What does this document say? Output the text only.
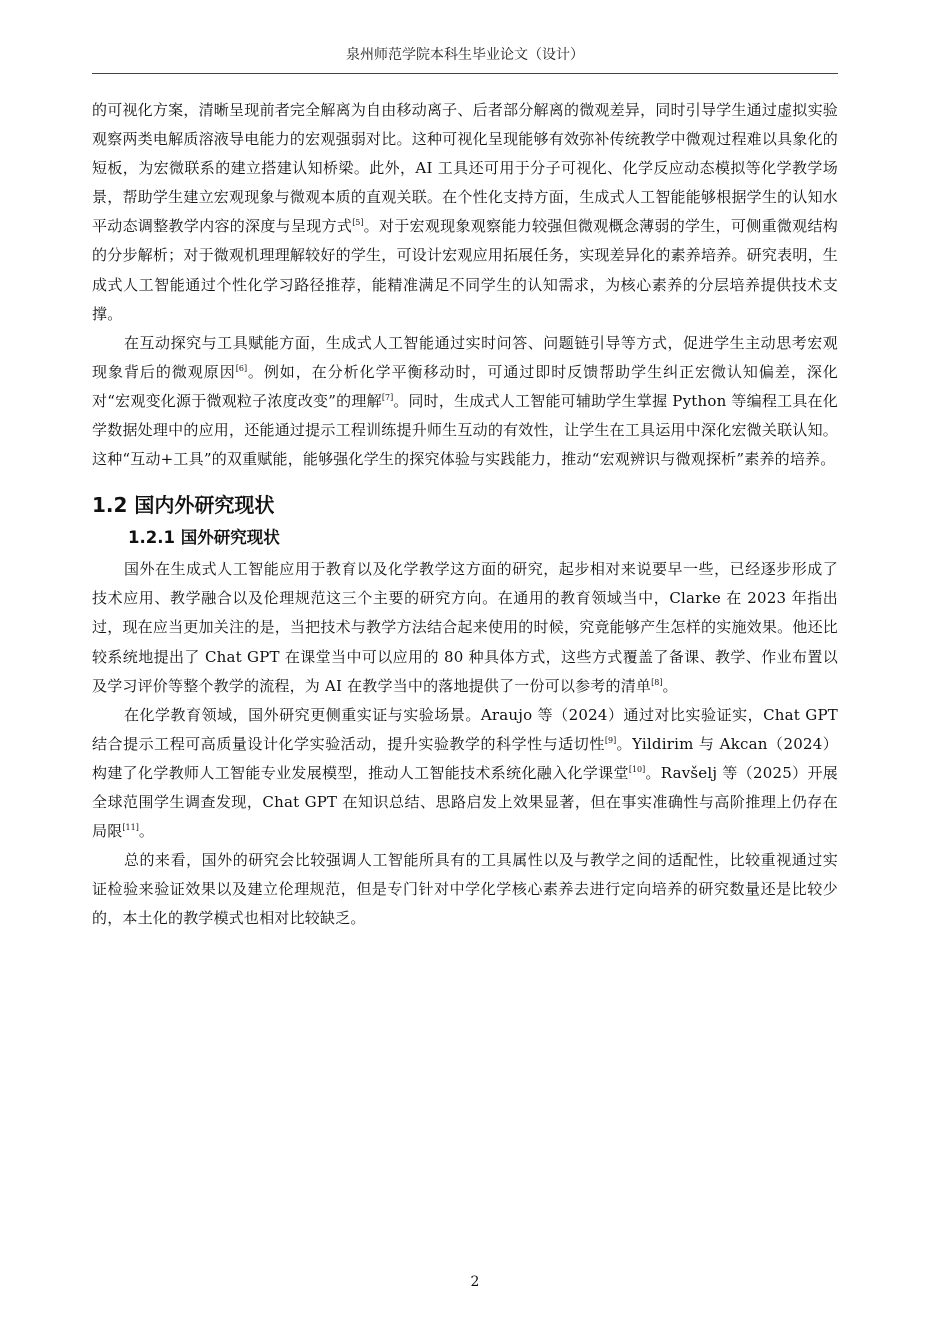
泉州师范学院本科生毕业论文（设计）

的可视化方案，清晰呈现前者完全解离为自由移动离子、后者部分解离的微观差异，同时引导学生通过虚拟实验观察两类电解质溶液导电能力的宏观强弱对比。这种可视化呈现能够有效弥补传统教学中微观过程难以具象化的短板，为宏微联系的建立搭建认知桥梁。此外，AI 工具还可用于分子可视化、化学反应动态模拟等化学教学场景，帮助学生建立宏观现象与微观本质的直观关联。在个性化支持方面，生成式人工智能能够根据学生的认知水平动态调整教学内容的深度与呈现方式[5]。对于宏观现象观察能力较强但微观概念薄弱的学生，可侧重微观结构的分步解析；对于微观机理理解较好的学生，可设计宏观应用拓展任务，实现差异化的素养培养。研究表明，生成式人工智能通过个性化学习路径推荐，能精准满足不同学生的认知需求，为核心素养的分层培养提供技术支撑。

在互动探究与工具赋能方面，生成式人工智能通过实时问答、问题链引导等方式，促进学生主动思考宏观现象背后的微观原因[6]。例如，在分析化学平衡移动时，可通过即时反馈帮助学生纠正宏微认知偏差，深化对“宏观变化源于微观粒子浓度改变”的理解[7]。同时，生成式人工智能可辅助学生掌握 Python 等编程工具在化学数据处理中的应用，还能通过提示工程训练提升师生互动的有效性，让学生在工具运用中深化宏微关联认知。这种“互动+工具”的双重赋能，能够强化学生的探究体验与实践能力，推动“宏观辨识与微观探析”素养的培养。

1.2 国内外研究现状
1.2.1 国外研究现状

国外在生成式人工智能应用于教育以及化学教学这方面的研究，起步相对来说要早一些，已经逐步形成了技术应用、教学融合以及伦理规范这三个主要的研究方向。在通用的教育领域当中，Clarke 在 2023 年指出过，现在应当更加关注的是，当把技术与教学方法结合起来使用的时候，究竟能够产生怎样的实施效果。他还比较系统地提出了 Chat GPT 在课堂当中可以应用的 80 种具体方式，这些方式覆盖了备课、教学、作业布置以及学习评价等整个教学的流程，为 AI 在教学当中的落地提供了一份可以参考的清单[8]。

在化学教育领域，国外研究更侧重实证与实验场景。Araujo 等（2024）通过对比实验证实，Chat GPT 结合提示工程可高质量设计化学实验活动，提升实验教学的科学性与适切性[9]。Yildirim 与 Akcan（2024）构建了化学教师人工智能专业发展模型，推动人工智能技术系统化融入化学课堂[10]。Ravšelj 等（2025）开展全球范围学生调查发现，Chat GPT 在知识总结、思路启发上效果显著，但在事实准确性与高阶推理上仍存在局限[11]。

总的来看，国外的研究会比较强调人工智能所具有的工具属性以及与教学之间的适配性，比较重视通过实证检验来验证效果以及建立伦理规范，但是专门针对中学化学核心素养去进行定向培养的研究数量还是比较少的，本土化的教学模式也相对比较缺乏。

2
